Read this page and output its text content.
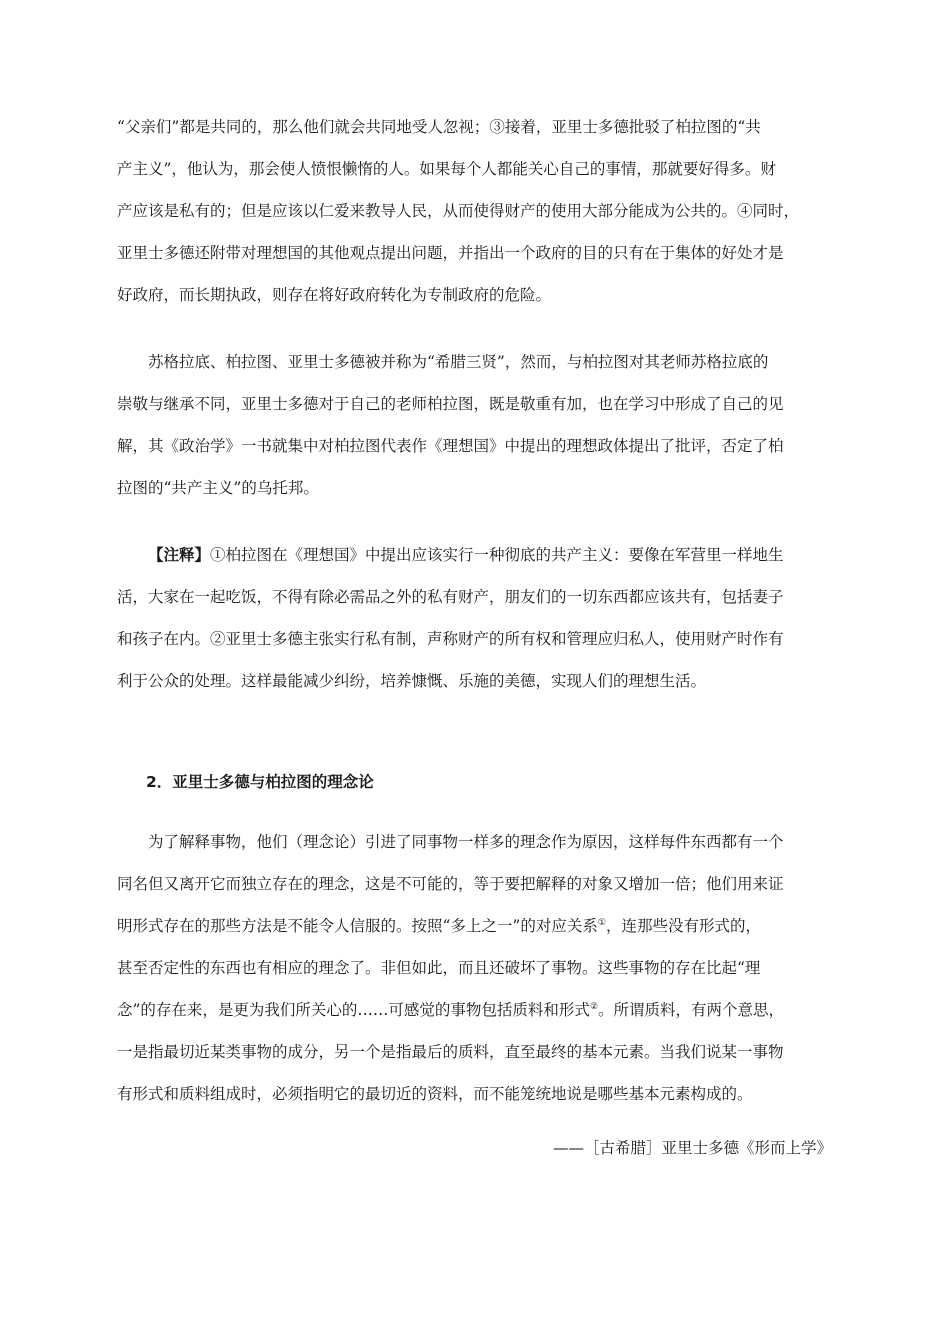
“父亲们”都是共同的，那么他们就会共同地受人忽视；③接着，亚里士多德批驳了柏拉图的“共
产主义”，他认为，那会使人愤恨懒惰的人。如果每个人都能关心自己的事情，那就要好得多。财
产应该是私有的；但是应该以仁爱来教导人民，从而使得财产的使用大部分能成为公共的。④同时，
亚里士多德还附带对理想国的其他观点提出问题，并指出一个政府的目的只有在于集体的好处才是
好政府，而长期执政，则存在将好政府转化为专制政府的危险。
苏格拉底、柏拉图、亚里士多德被并称为“希腊三贤”，然而，与柏拉图对其老师苏格拉底的
崇敬与继承不同，亚里士多德对于自己的老师柏拉图，既是敬重有加，也在学习中形成了自己的见
解，其《政治学》一书就集中对柏拉图代表作《理想国》中提出的理想政体提出了批评，否定了柏
拉图的“共产主义”的乌托邦。
【注释】①柏拉图在《理想国》中提出应该实行一种彻底的共产主义：要像在军营里一样地生
活，大家在一起吃饭，不得有除必需品之外的私有财产，朋友们的一切东西都应该共有，包括妻子
和孩子在内。②亚里士多德主张实行私有制，声称财产的所有权和管理应归私人，使用财产时作有
利于公众的处理。这样最能减少纠纷，培养慷慨、乐施的美德，实现人们的理想生活。
2．亚里士多德与柏拉图的理念论
为了解释事物，他们（理念论）引进了同事物一样多的理念作为原因，这样每件东西都有一个
同名但又离开它而独立存在的理念，这是不可能的，等于要把解释的对象又增加一倍；他们用来证
明形式存在的那些方法是不能令人信服的。按照“多上之一”的对应关系①，连那些没有形式的，
甚至否定性的东西也有相应的理念了。非但如此，而且还破坏了事物。这些事物的存在比起“理
念”的存在来，是更为我们所关心的……可感觉的事物包括质料和形式②。所谓质料，有两个意思，
一是指最切近某类事物的成分，另一个是指最后的质料，直至最终的基本元素。当我们说某一事物
有形式和质料组成时，必须指明它的最切近的资料，而不能笼统地说是哪些基本元素构成的。
——［古希腊］亚里士多德《形而上学》
